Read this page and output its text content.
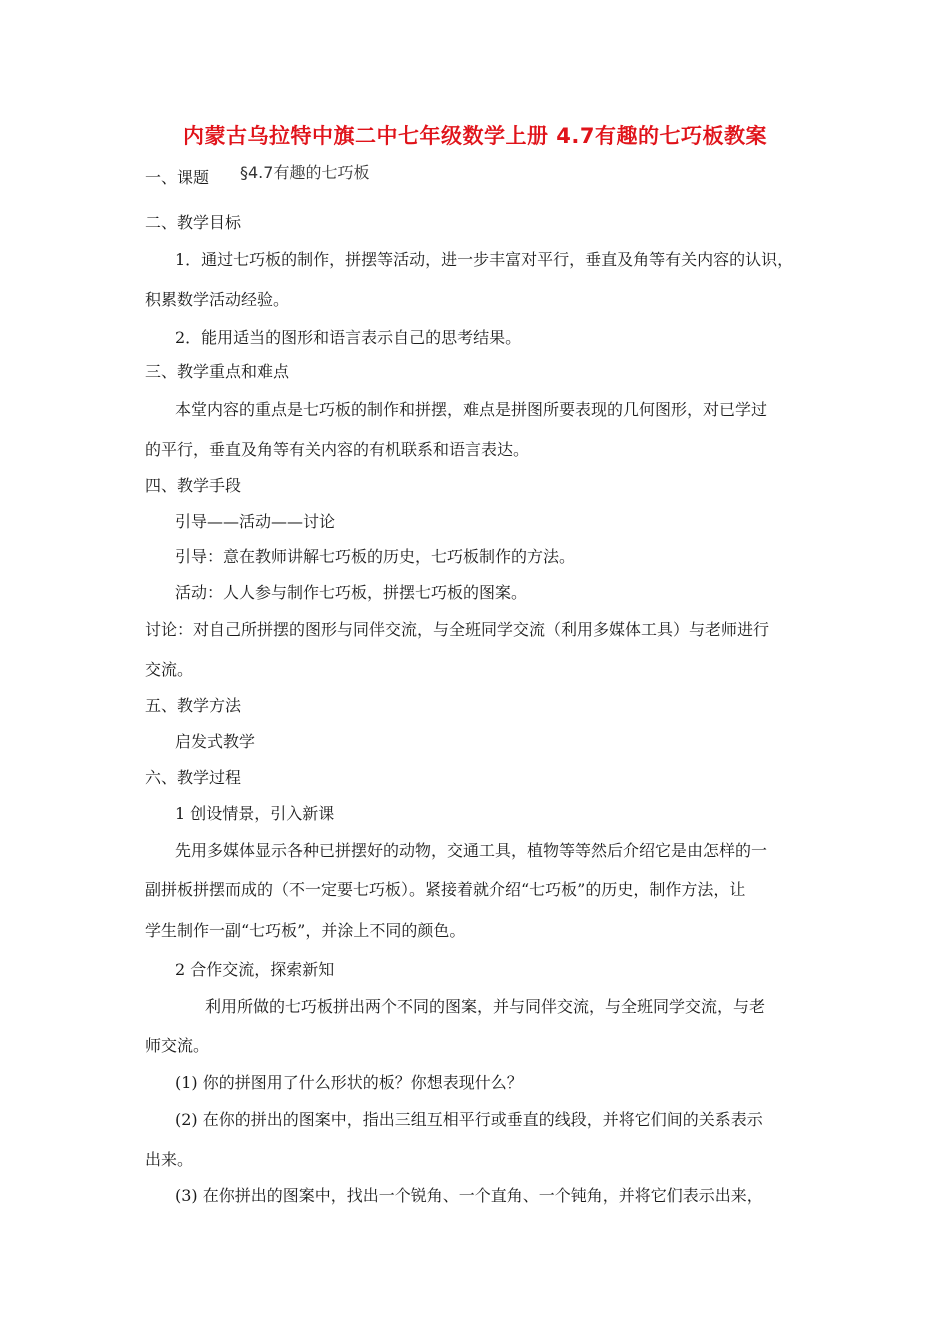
内蒙古乌拉特中旗二中七年级数学上册 4.7有趣的七巧板教案
一、课题 §4.7有趣的七巧板
二、教学目标
1．通过七巧板的制作，拼摆等活动，进一步丰富对平行，垂直及角等有关内容的认识，
积累数学活动经验。
2．能用适当的图形和语言表示自己的思考结果。
三、教学重点和难点
本堂内容的重点是七巧板的制作和拼摆，难点是拼图所要表现的几何图形，对已学过
的平行，垂直及角等有关内容的有机联系和语言表达。
四、教学手段
引导——活动——讨论
引导：意在教师讲解七巧板的历史，七巧板制作的方法。
活动：人人参与制作七巧板，拼摆七巧板的图案。
讨论：对自己所拼摆的图形与同伴交流，与全班同学交流（利用多媒体工具）与老师进行
交流。
五、教学方法
启发式教学
六、教学过程
1 创设情景，引入新课
先用多媒体显示各种已拼摆好的动物，交通工具，植物等等然后介绍它是由怎样的一
副拼板拼摆而成的（不一定要七巧板）。紧接着就介绍“七巧板”的历史，制作方法，让
学生制作一副“七巧板”，并涂上不同的颜色。
2 合作交流，探索新知
利用所做的七巧板拼出两个不同的图案，并与同伴交流，与全班同学交流，与老
师交流。
(1) 你的拼图用了什么形状的板？你想表现什么？
(2) 在你的拼出的图案中，指出三组互相平行或垂直的线段，并将它们间的关系表示
出来。
(3) 在你拼出的图案中，找出一个锐角、一个直角、一个钝角，并将它们表示出来，
